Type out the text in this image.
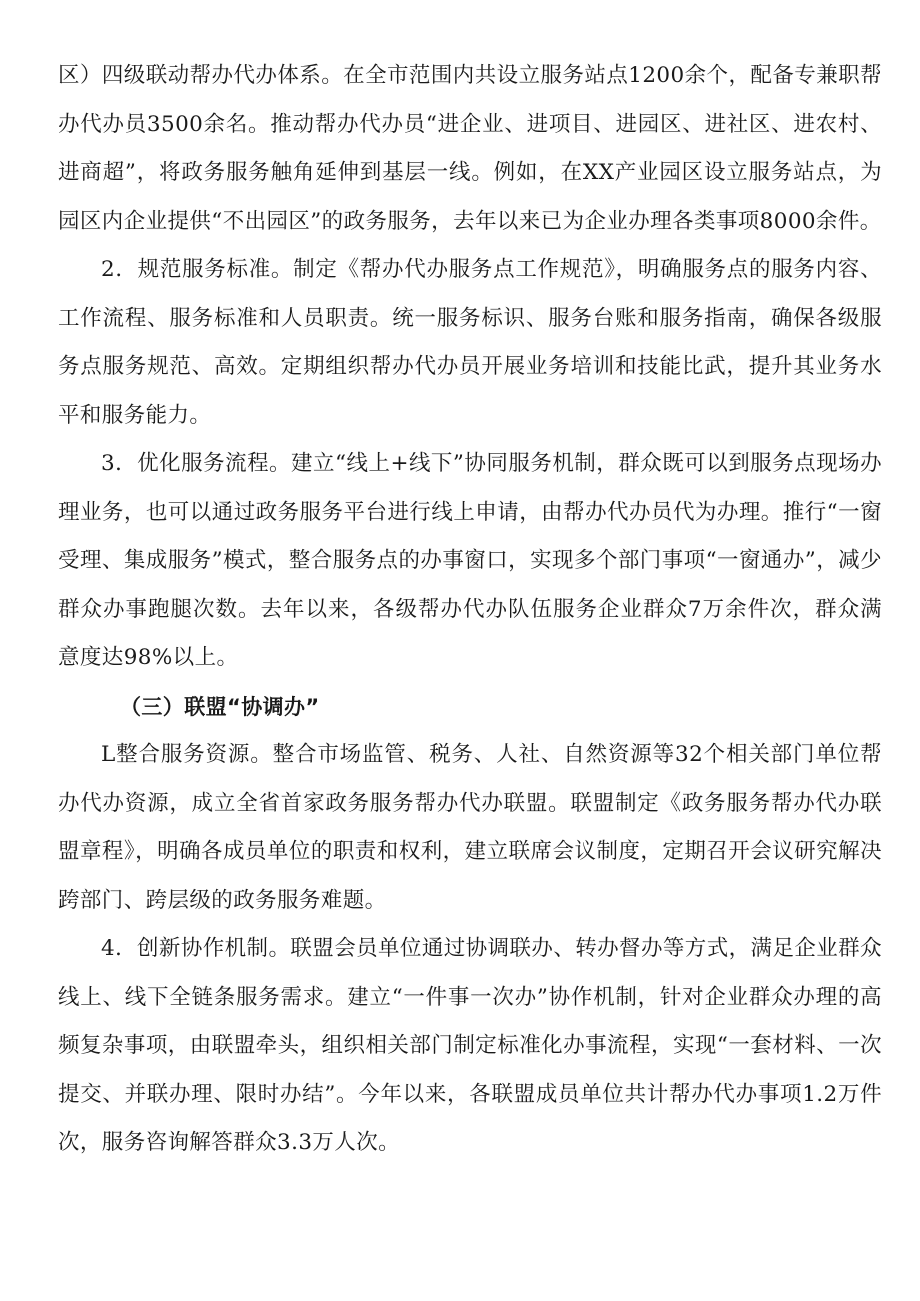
区）四级联动帮办代办体系。在全市范围内共设立服务站点1200余个，配备专兼职帮办代办员3500余名。推动帮办代办员“进企业、进项目、进园区、进社区、进农村、进商超”，将政务服务触角延伸到基层一线。例如，在XX产业园区设立服务站点，为园区内企业提供“不出园区”的政务服务，去年以来已为企业办理各类事项8000余件。

2．规范服务标准。制定《帮办代办服务点工作规范》，明确服务点的服务内容、工作流程、服务标准和人员职责。统一服务标识、服务台账和服务指南，确保各级服务点服务规范、高效。定期组织帮办代办员开展业务培训和技能比武，提升其业务水平和服务能力。

3．优化服务流程。建立“线上+线下”协同服务机制，群众既可以到服务点现场办理业务，也可以通过政务服务平台进行线上申请，由帮办代办员代为办理。推行“一窗受理、集成服务”模式，整合服务点的办事窗口，实现多个部门事项“一窗通办”，减少群众办事跑腿次数。去年以来，各级帮办代办队伍服务企业群众7万余件次，群众满意度达98%以上。

（三）联盟“协调办”

L整合服务资源。整合市场监管、税务、人社、自然资源等32个相关部门单位帮办代办资源，成立全省首家政务服务帮办代办联盟。联盟制定《政务服务帮办代办联盟章程》，明确各成员单位的职责和权利，建立联席会议制度，定期召开会议研究解决跨部门、跨层级的政务服务难题。

4．创新协作机制。联盟会员单位通过协调联办、转办督办等方式，满足企业群众线上、线下全链条服务需求。建立“一件事一次办”协作机制，针对企业群众办理的高频复杂事项，由联盟牵头，组织相关部门制定标准化办事流程，实现“一套材料、一次提交、并联办理、限时办结”。今年以来，各联盟成员单位共计帮办代办事项1.2万件次，服务咨询解答群众3.3万人次。
